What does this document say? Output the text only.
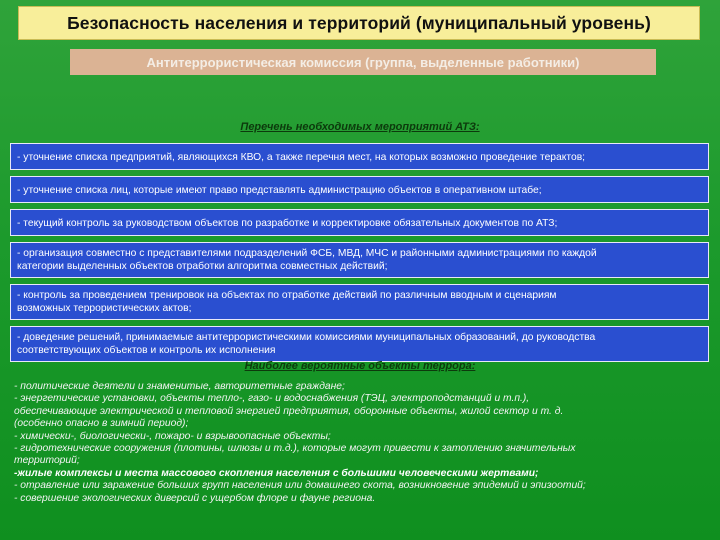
Безопасность населения и территорий (муниципальный уровень)
Антитеррористическая комиссия (группа, выделенные работники)
Перечень необходимых мероприятий АТЗ:
- уточнение списка предприятий, являющихся КВО, а также перечня мест, на которых возможно проведение терактов;
- уточнение списка лиц, которые имеют право представлять администрацию объектов в оперативном штабе;
- текущий контроль за руководством объектов по разработке и корректировке обязательных документов по АТЗ;
- организация совместно с представителями подразделений ФСБ, МВД, МЧС и районными администрациями по каждой
категории выделенных объектов отработки алгоритма совместных действий;
- контроль за проведением тренировок на объектах по отработке действий по различным вводным и сценариям
возможных террористических актов;
- доведение решений, принимаемые антитеррористическими комиссиями муниципальных образований, до руководства
соответствующих объектов и контроль их исполнения
Наиболее вероятные объекты террора:
- политические деятели и знаменитые, авторитетные граждане;
- энергетические установки, объекты тепло-, газо- и водоснабжения (ТЭЦ, электроподстанций и т.п.),
обеспечивающие электрической и тепловой энергией предприятия, оборонные объекты, жилой сектор и т. д.
(особенно опасно в зимний период);
- химически-, биологически-, пожаро- и взрывоопасные объекты;
- гидротехнические сооружения (плотины, шлюзы и т.д.), которые могут привести к затоплению значительных
территорий;
-жилые комплексы и места массового скопления населения с большими человеческими жертвами;
- отравление или заражение больших групп населения или домашнего скота, возникновение эпидемий и эпизоотий;
- совершение экологических диверсий с ущербом флоре и фауне региона.
